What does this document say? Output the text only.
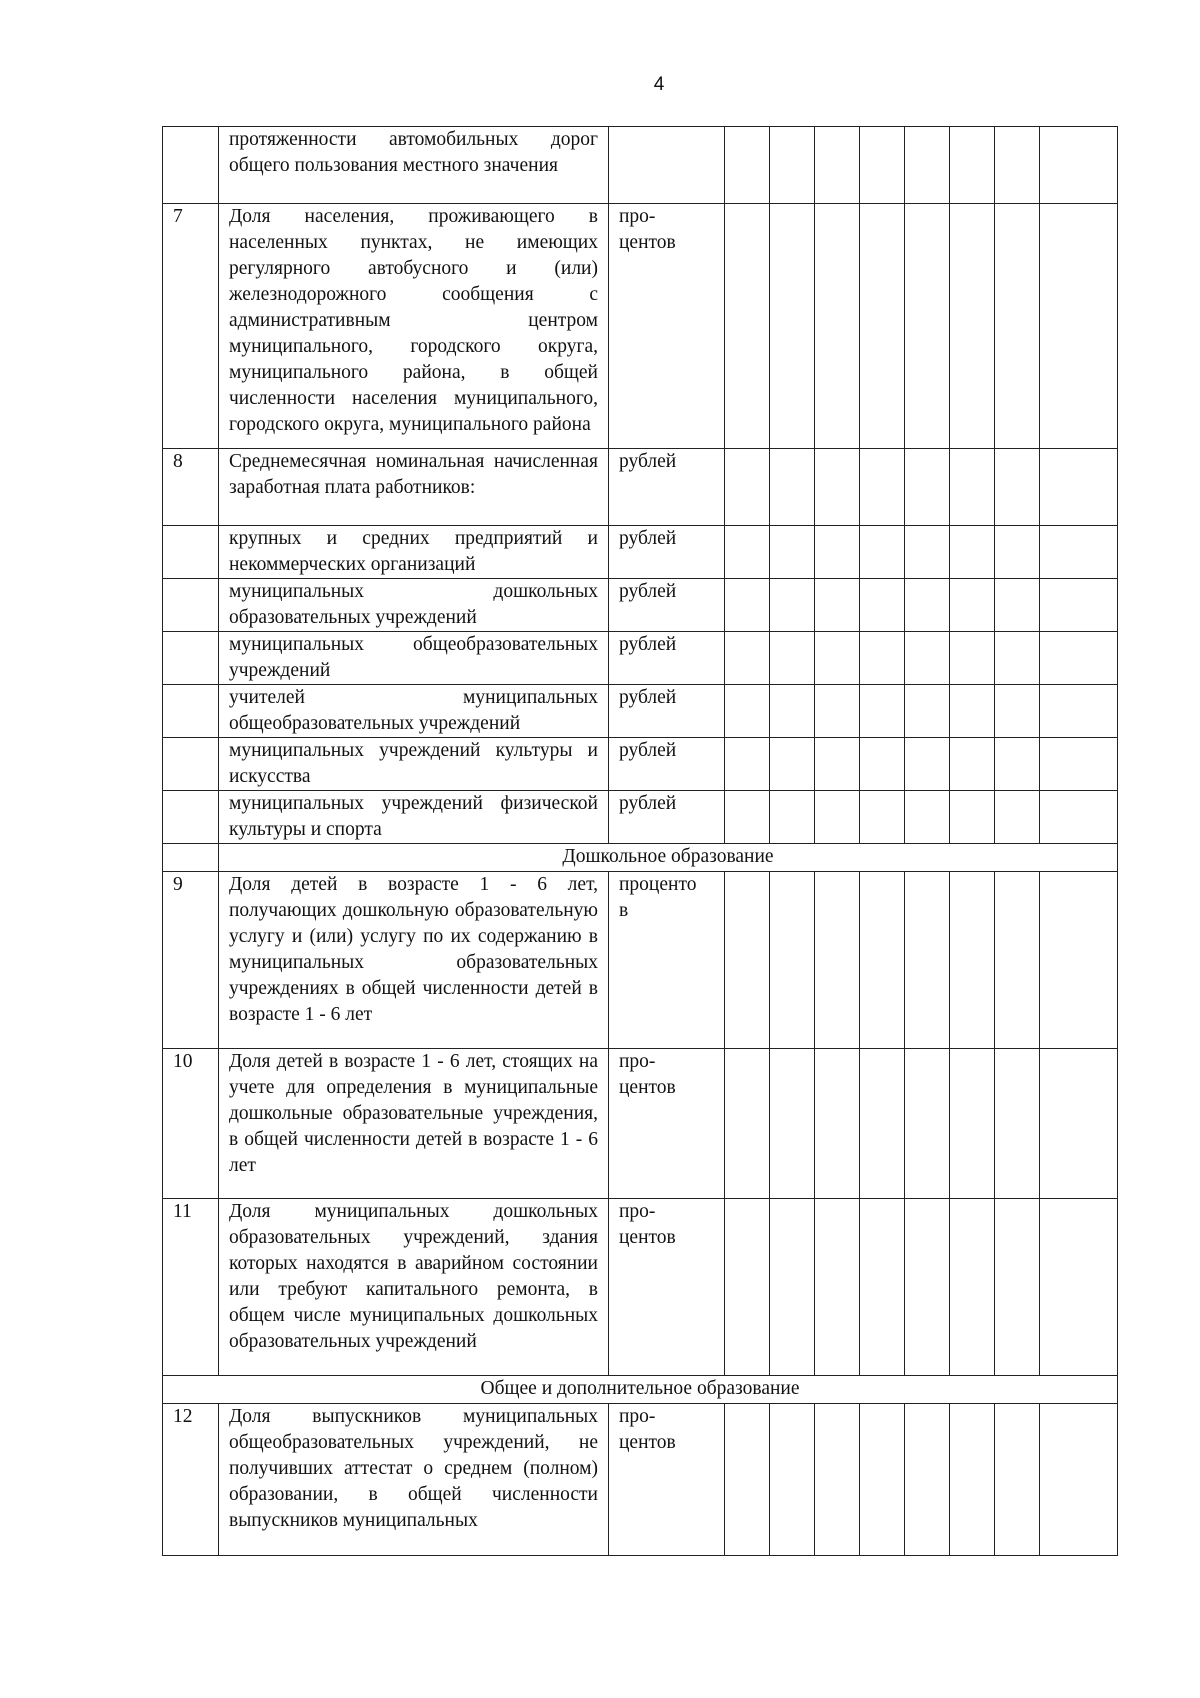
4
	протяженности автомобильных дорог общего пользования местного значения									
7	Доля населения, проживающего в населенных пунктах, не имеющих регулярного автобусного и (или) железнодорожного сообщения с административным центром муниципального, городского округа, муниципального района, в общей численности населения муниципального, городского округа, муниципального района	про-
центов								
8	Среднемесячная номинальная начисленная заработная плата работников:	рублей								
	крупных и средних предприятий и некоммерческих организаций	рублей								
	муниципальных дошкольных образовательных учреждений	рублей								
	муниципальных общеобразовательных учреждений	рублей								
	учителей муниципальных общеобразовательных учреждений	рублей								
	муниципальных учреждений культуры и искусства	рублей								
	муниципальных учреждений физической культуры и спорта	рублей								
	Дошкольное образование									
9	Доля детей в возрасте 1 - 6 лет, получающих дошкольную образовательную услугу и (или) услугу по их содержанию в муниципальных образовательных учреждениях в общей численности детей в возрасте 1 - 6 лет	проценто
в								
10	Доля детей в возрасте 1 - 6 лет, стоящих на учете для определения в муниципальные дошкольные образовательные учреждения, в общей численности детей в возрасте 1 - 6 лет	про-
центов								
11	Доля муниципальных дошкольных образовательных учреждений, здания которых находятся в аварийном состоянии или требуют капитального ремонта, в общем числе муниципальных дошкольных образовательных учреждений	про-
центов								
Общее и дополнительное образование										
12	Доля выпускников муниципальных общеобразовательных учреждений, не получивших аттестат о среднем (полном) образовании, в общей численности выпускников муниципальных	про-
центов								
